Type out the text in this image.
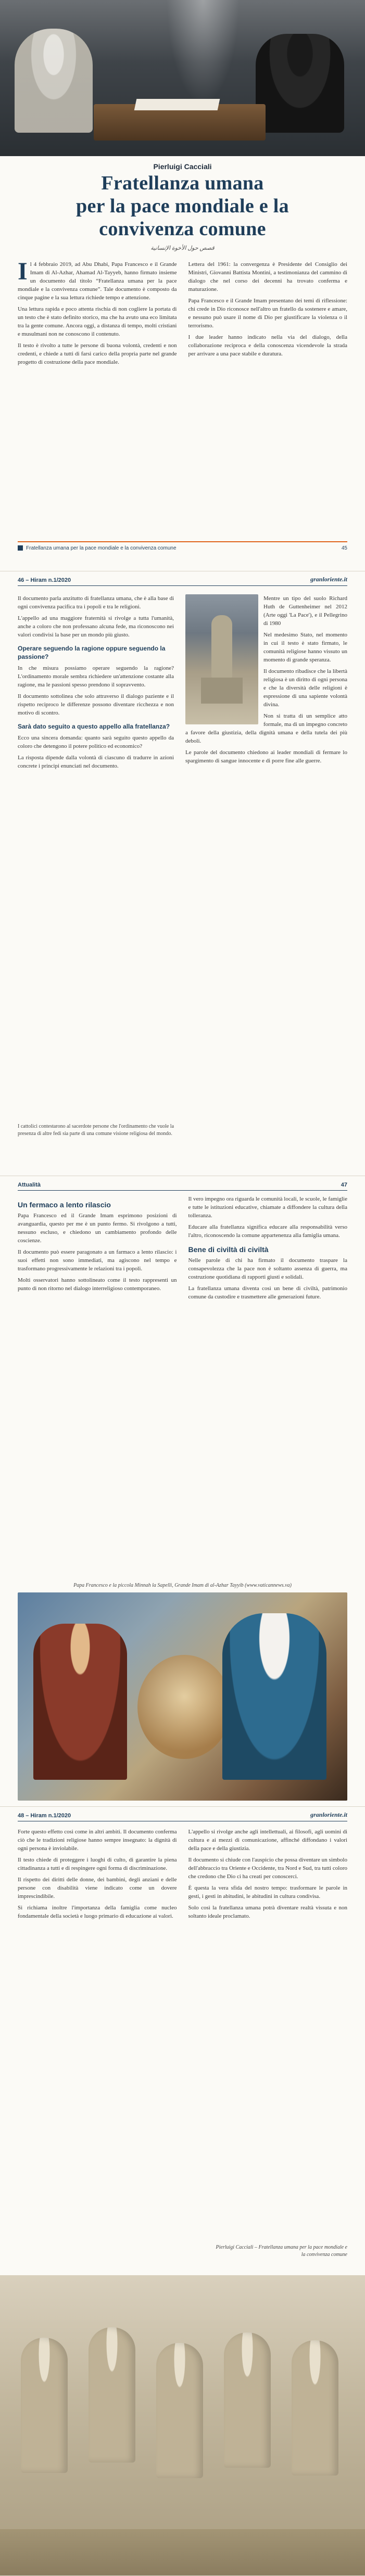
Pierluigi Cacciali
Fratellanza umana
per la pace mondiale e la
convivenza comune
قصص حول الأخوة الإنسانية

Il 4 febbraio 2019, ad Abu Dhabi, Papa Francesco e il Grande Imam di Al-Azhar, Ahamad Al-Tayyeb, hanno firmato insieme un documento dal titolo “Fratellanza umana per la pace mondiale e la convivenza comune”. Tale documento è composto da cinque pagine e la sua lettura richiede tempo e attenzione.

Una lettura rapida e poco attenta rischia di non cogliere la portata di un testo che è stato definito storico, ma che ha avuto una eco limitata tra la gente comune. Ancora oggi, a distanza di tempo, molti cristiani e musulmani non ne conoscono il contenuto.

Il testo è rivolto a tutte le persone di buona volontà, credenti e non credenti, e chiede a tutti di farsi carico della propria parte nel grande progetto di costruzione della pace mondiale.

Lettera del 1961: la convergenza è Presidente del Consiglio dei Ministri, Giovanni Battista Montini, a testimonianza del cammino di dialogo che nel corso dei decenni ha trovato conferma e maturazione.

Papa Francesco e il Grande Imam presentano dei temi di riflessione: chi crede in Dio riconosce nell'altro un fratello da sostenere e amare, e nessuno può usare il nome di Dio per giustificare la violenza o il terrorismo.

I due leader hanno indicato nella via del dialogo, della collaborazione reciproca e della conoscenza vicendevole la strada per arrivare a una pace stabile e duratura.

Fratellanza umana per la pace mondiale e la convivenza comune	45
46 – Hiram n.1/2020	granloriente.it

Il documento parla anzitutto di fratellanza umana, che è alla base di ogni convivenza pacifica tra i popoli e tra le religioni.

L'appello ad una maggiore fraternità si rivolge a tutta l'umanità, anche a coloro che non professano alcuna fede, ma riconoscono nei valori condivisi la base per un mondo più giusto.

Operare seguendo la ragione oppure seguendo la passione?

In che misura possiamo operare seguendo la ragione? L'ordinamento morale sembra richiedere un'attenzione costante alla ragione, ma le passioni spesso prendono il sopravvento.

Il documento sottolinea che solo attraverso il dialogo paziente e il rispetto reciproco le differenze possono diventare ricchezza e non motivo di scontro.

Sarà dato seguito a questo appello alla fratellanza?

Ecco una sincera domanda: quanto sarà seguito questo appello da coloro che detengono il potere politico ed economico?

La risposta dipende dalla volontà di ciascuno di tradurre in azioni concrete i principi enunciati nel documento.

Mentre un tipo del suolo Richard Huth de Guttenheimer nel 2012 (Arte oggi 'La Pace'), e il Pellegrino di 1980

Nel medesimo Stato, nel momento in cui il testo è stato firmato, le comunità religiose hanno vissuto un momento di grande speranza.

Il documento ribadisce che la libertà religiosa è un diritto di ogni persona e che la diversità delle religioni è espressione di una sapiente volontà divina.

Non si tratta di un semplice atto formale, ma di un impegno concreto a favore della giustizia, della dignità umana e della tutela dei più deboli.

Le parole del documento chiedono ai leader mondiali di fermare lo spargimento di sangue innocente e di porre fine alle guerre.

I cattolici contestarono al sacerdote persone che l'ordinamento che vuole la presenza di altre fedi sia parte di una comune visione religiosa del mondo.
Attualità	47
Un fermaco a lento rilascio

Papa Francesco ed il Grande Imam esprimono posizioni di avanguardia, questo per me è un punto fermo. Si rivolgono a tutti, nessuno escluso, e chiedono un cambiamento profondo delle coscienze.

Il documento può essere paragonato a un farmaco a lento rilascio: i suoi effetti non sono immediati, ma agiscono nel tempo e trasformano progressivamente le relazioni tra i popoli.

Molti osservatori hanno sottolineato come il testo rappresenti un punto di non ritorno nel dialogo interreligioso contemporaneo.

Il vero impegno ora riguarda le comunità locali, le scuole, le famiglie e tutte le istituzioni educative, chiamate a diffondere la cultura della tolleranza.

Educare alla fratellanza significa educare alla responsabilità verso l'altro, riconoscendo la comune appartenenza alla famiglia umana.

Bene di civiltà di civiltà

Nelle parole di chi ha firmato il documento traspare la consapevolezza che la pace non è soltanto assenza di guerra, ma costruzione quotidiana di rapporti giusti e solidali.

La fratellanza umana diventa così un bene di civiltà, patrimonio comune da custodire e trasmettere alle generazioni future.

Papa Francesco e la piccola Minnah la Sapelli, Grande Imam di al-Azhar Tayyib (www.vaticannews.va)

48 – Hiram n.1/2020	granloriente.it

Forte questo effetto così come in altri ambiti. Il documento conferma ciò che le tradizioni religiose hanno sempre insegnato: la dignità di ogni persona è inviolabile.

Il testo chiede di proteggere i luoghi di culto, di garantire la piena cittadinanza a tutti e di respingere ogni forma di discriminazione.

Il rispetto dei diritti delle donne, dei bambini, degli anziani e delle persone con disabilità viene indicato come un dovere imprescindibile.

Si richiama inoltre l'importanza della famiglia come nucleo fondamentale della società e luogo primario di educazione ai valori.

L'appello si rivolge anche agli intellettuali, ai filosofi, agli uomini di cultura e ai mezzi di comunicazione, affinché diffondano i valori della pace e della giustizia.

Il documento si chiude con l'auspicio che possa diventare un simbolo dell'abbraccio tra Oriente e Occidente, tra Nord e Sud, tra tutti coloro che credono che Dio ci ha creati per conoscerci.

È questa la vera sfida del nostro tempo: trasformare le parole in gesti, i gesti in abitudini, le abitudini in cultura condivisa.

Solo così la fratellanza umana potrà diventare realtà vissuta e non soltanto ideale proclamato.

Pierluigi Cacciali – Fratellanza umana per la pace mondiale e la convivenza comune
